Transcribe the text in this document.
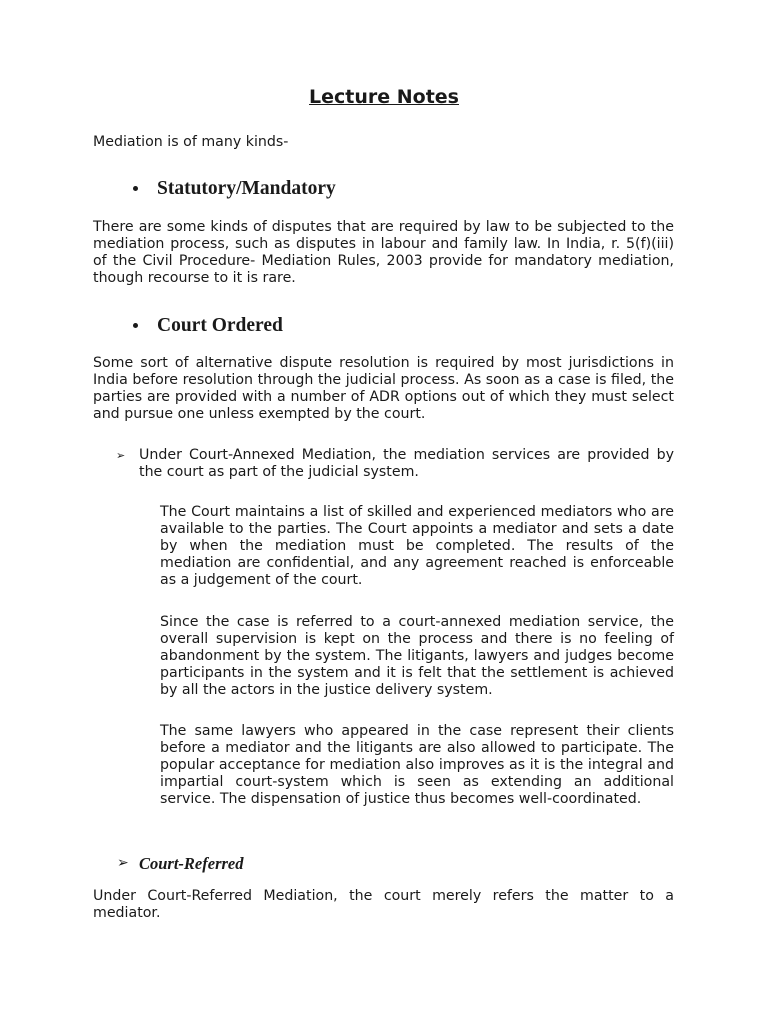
Lecture Notes

Mediation is of many kinds-

Statutory/Mandatory

There are some kinds of disputes that are required by law to be subjected to the mediation process, such as disputes in labour and family law. In India, r. 5(f)(iii) of the Civil Procedure- Mediation Rules, 2003 provide for mandatory mediation, though recourse to it is rare.

Court Ordered

Some sort of alternative dispute resolution is required by most jurisdictions in India before resolution through the judicial process. As soon as a case is filed, the parties are provided with a number of ADR options out of which they must select and pursue one unless exempted by the court.

➢ Under Court-Annexed Mediation, the mediation services are provided by the court as part of the judicial system.

The Court maintains a list of skilled and experienced mediators who are available to the parties. The Court appoints a mediator and sets a date by when the mediation must be completed. The results of the mediation are confidential, and any agreement reached is enforceable as a judgement of the court.

Since the case is referred to a court-annexed mediation service, the overall supervision is kept on the process and there is no feeling of abandonment by the system. The litigants, lawyers and judges become participants in the system and it is felt that the settlement is achieved by all the actors in the justice delivery system.

The same lawyers who appeared in the case represent their clients before a mediator and the litigants are also allowed to participate. The popular acceptance for mediation also improves as it is the integral and impartial court-system which is seen as extending an additional service. The dispensation of justice thus becomes well-coordinated.

➢ Court-Referred

Under Court-Referred Mediation, the court merely refers the matter to a mediator.
